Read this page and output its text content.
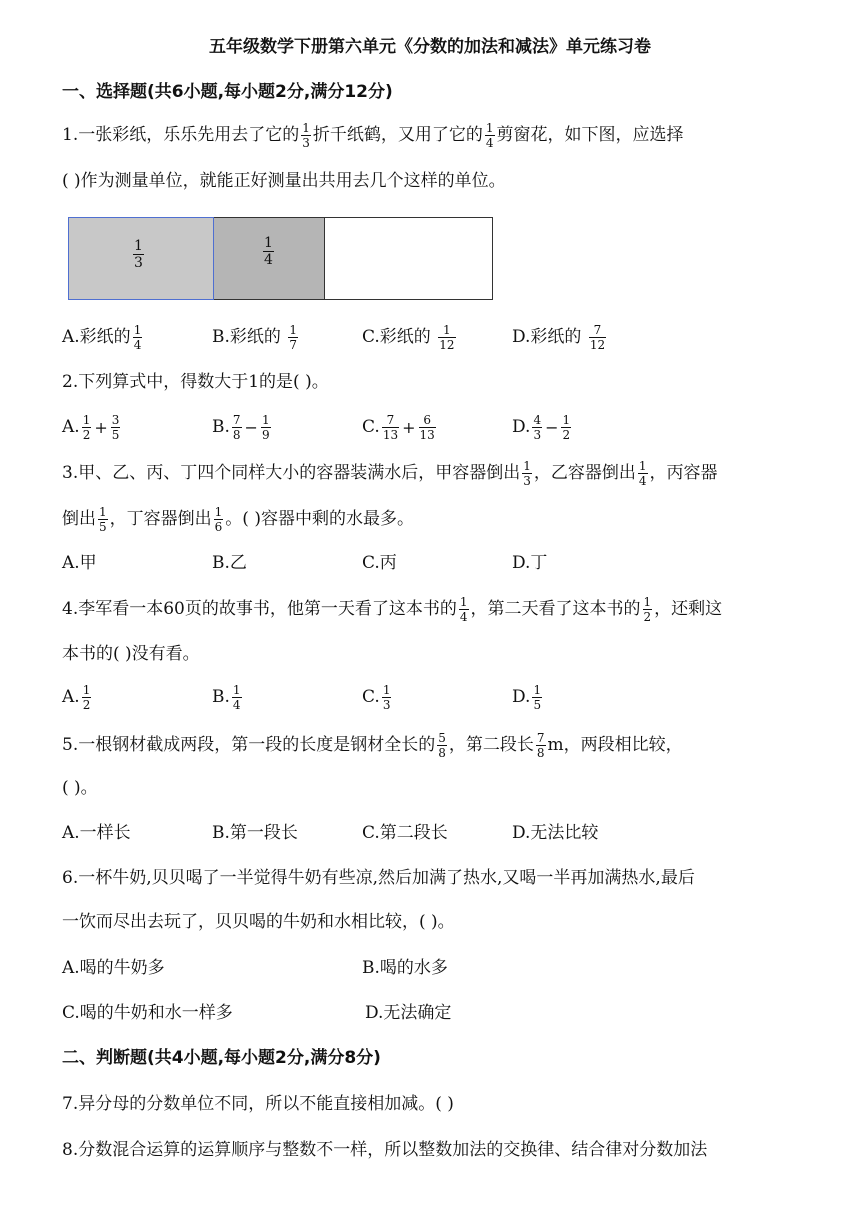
五年级数学下册第六单元《分数的加法和减法》单元练习卷
一、选择题(共6小题,每小题2分,满分12分)
1.一张彩纸，乐乐先用去了它的 $\frac{1}{3}$ 折千纸鹤，又用了它的 $\frac{1}{4}$ 剪窗花，如下图，应选择
( )作为测量单位，就能正好测量出共用去几个这样的单位。
1
3
1
4
A.彩纸的 $\frac{1}{4}$	B.彩纸的 $\frac{1}{7}$	C.彩纸的 $\frac{1}{12}$	D.彩纸的 $\frac{7}{12}$
2.下列算式中，得数大于1的是( )。
A. $\frac{1}{2} + \frac{3}{5}$	B. $\frac{7}{8} - \frac{1}{9}$	C. $\frac{7}{13} + \frac{6}{13}$	D. $\frac{4}{3} - \frac{1}{2}$
3.甲、乙、丙、丁四个同样大小的容器装满水后，甲容器倒出 $\frac{1}{3}$ ，乙容器倒出 $\frac{1}{4}$ ，丙容器
倒出 $\frac{1}{5}$ ，丁容器倒出 $\frac{1}{6}$ 。( )容器中剩的水最多。
A.甲	B.乙	C.丙	D.丁
4.李军看一本60页的故事书，他第一天看了这本书的 $\frac{1}{4}$ ，第二天看了这本书的 $\frac{1}{2}$ ，还剩这
本书的( )没有看。
A. $\frac{1}{2}$	B. $\frac{1}{4}$	C. $\frac{1}{3}$	D. $\frac{1}{5}$
5.一根钢材截成两段，第一段的长度是钢材全长的 $\frac{5}{8}$ ，第二段长 $\frac{7}{8}$ m，两段相比较，
( )。
A.一样长	B.第一段长	C.第二段长	D.无法比较
6.一杯牛奶,贝贝喝了一半觉得牛奶有些凉,然后加满了热水,又喝一半再加满热水,最后
一饮而尽出去玩了，贝贝喝的牛奶和水相比较，( )。
A.喝的牛奶多	B.喝的水多
C.喝的牛奶和水一样多	D.无法确定
二、判断题(共4小题,每小题2分,满分8分)
7.异分母的分数单位不同，所以不能直接相加减。( )
8.分数混合运算的运算顺序与整数不一样，所以整数加法的交换律、结合律对分数加法
